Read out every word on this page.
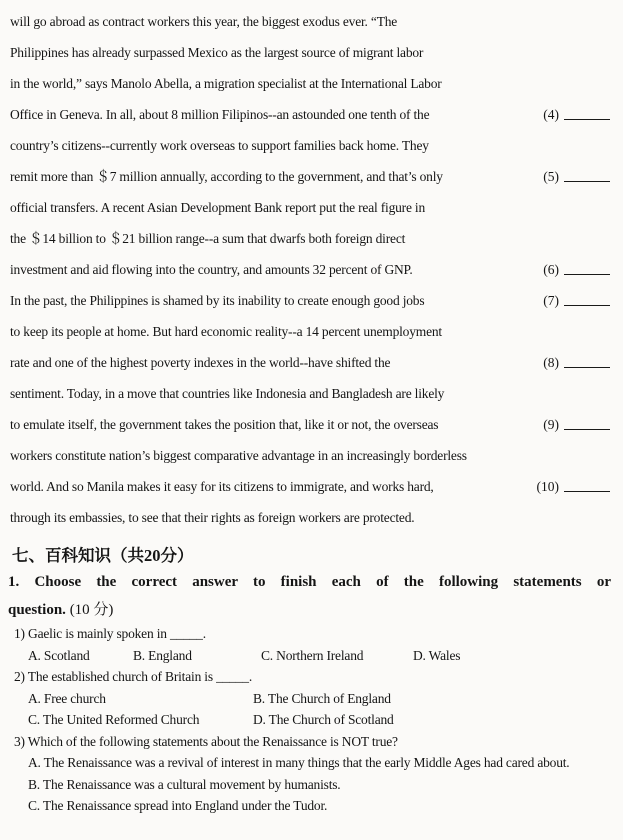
will go abroad as contract workers this year, the biggest exodus ever. “The
Philippines has already surpassed Mexico as the largest source of migrant labor
in the world,” says Manolo Abella, a migration specialist at the International Labor
Office in Geneva. In all, about 8 million Filipinos--an astounded one tenth of the	(4)
country’s citizens--currently work overseas to support families back home. They
remit more than ＄7 million annually, according to the government, and that’s only	(5)
official transfers. A recent Asian Development Bank report put the real figure in
the ＄14 billion to ＄21 billion range--a sum that dwarfs both foreign direct
investment and aid flowing into the country, and amounts 32 percent of GNP.	(6)
In the past, the Philippines is shamed by its inability to create enough good jobs	(7)
to keep its people at home. But hard economic reality--a 14 percent unemployment
rate and one of the highest poverty indexes in the world--have shifted the	(8)
sentiment. Today, in a move that countries like Indonesia and Bangladesh are likely
to emulate itself, the government takes the position that, like it or not, the overseas	(9)
workers constitute nation’s biggest comparative advantage in an increasingly borderless
world. And so Manila makes it easy for its citizens to immigrate, and works hard,	(10)
through its embassies, to see that their rights as foreign workers are protected.
七、百科知识（共20分）

1. Choose the correct answer to finish each of the following statements or

question. (10 分)

1) Gaelic is mainly spoken in _____.
A. Scotland	B. England	C. Northern Ireland	D. Wales
2) The established church of Britain is _____.
A. Free church	B. The Church of England
C. The United Reformed Church	D. The Church of Scotland
3) Which of the following statements about the Renaissance is NOT true?
A. The Renaissance was a revival of interest in many things that the early Middle Ages had cared about.
B. The Renaissance was a cultural movement by humanists.
C. The Renaissance spread into England under the Tudor.
